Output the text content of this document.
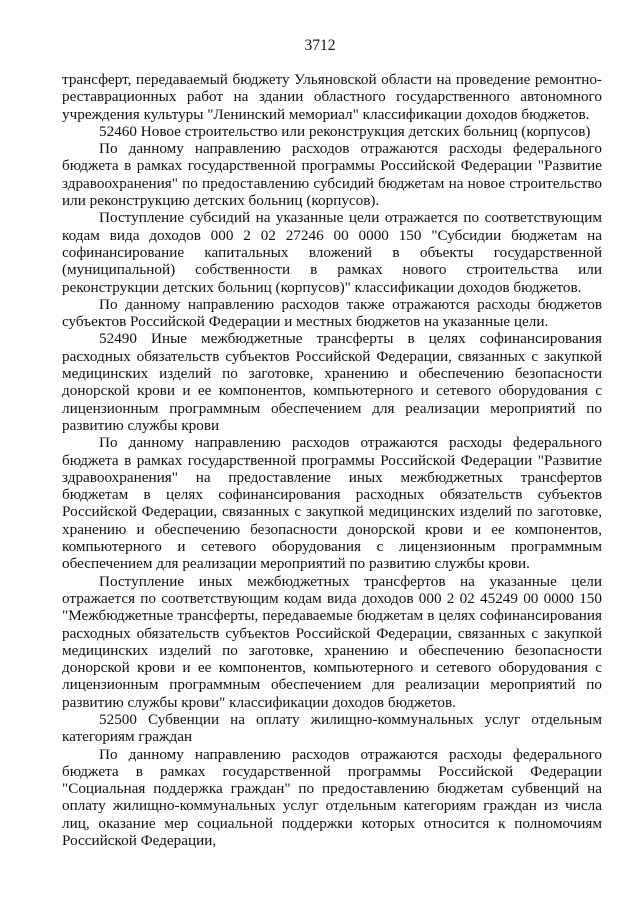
3712

трансферт, передаваемый бюджету Ульяновской области на проведение ремонтно-реставрационных работ на здании областного государственного автономного учреждения культуры "Ленинский мемориал" классификации доходов бюджетов.

52460 Новое строительство или реконструкция детских больниц (корпусов)

По данному направлению расходов отражаются расходы федерального бюджета в рамках государственной программы Российской Федерации "Развитие здравоохранения" по предоставлению субсидий бюджетам на новое строительство или реконструкцию детских больниц (корпусов).

Поступление субсидий на указанные цели отражается по соответствующим кодам вида доходов 000 2 02 27246 00 0000 150 "Субсидии бюджетам на софинансирование капитальных вложений в объекты государственной (муниципальной) собственности в рамках нового строительства или реконструкции детских больниц (корпусов)" классификации доходов бюджетов.

По данному направлению расходов также отражаются расходы бюджетов субъектов Российской Федерации и местных бюджетов на указанные цели.

52490 Иные межбюджетные трансферты в целях софинансирования расходных обязательств субъектов Российской Федерации, связанных с закупкой медицинских изделий по заготовке, хранению и обеспечению безопасности донорской крови и ее компонентов, компьютерного и сетевого оборудования с лицензионным программным обеспечением для реализации мероприятий по развитию службы крови

По данному направлению расходов отражаются расходы федерального бюджета в рамках государственной программы Российской Федерации "Развитие здравоохранения" на предоставление иных межбюджетных трансфертов бюджетам в целях софинансирования расходных обязательств субъектов Российской Федерации, связанных с закупкой медицинских изделий по заготовке, хранению и обеспечению безопасности донорской крови и ее компонентов, компьютерного и сетевого оборудования с лицензионным программным обеспечением для реализации мероприятий по развитию службы крови.

Поступление иных межбюджетных трансфертов на указанные цели отражается по соответствующим кодам вида доходов 000 2 02 45249 00 0000 150 "Межбюджетные трансферты, передаваемые бюджетам в целях софинансирования расходных обязательств субъектов Российской Федерации, связанных с закупкой медицинских изделий по заготовке, хранению и обеспечению безопасности донорской крови и ее компонентов, компьютерного и сетевого оборудования с лицензионным программным обеспечением для реализации мероприятий по развитию службы крови" классификации доходов бюджетов.

52500 Субвенции на оплату жилищно-коммунальных услуг отдельным категориям граждан

По данному направлению расходов отражаются расходы федерального бюджета в рамках государственной программы Российской Федерации "Социальная поддержка граждан" по предоставлению бюджетам субвенций на оплату жилищно-коммунальных услуг отдельным категориям граждан из числа лиц, оказание мер социальной поддержки которых относится к полномочиям Российской Федерации,
